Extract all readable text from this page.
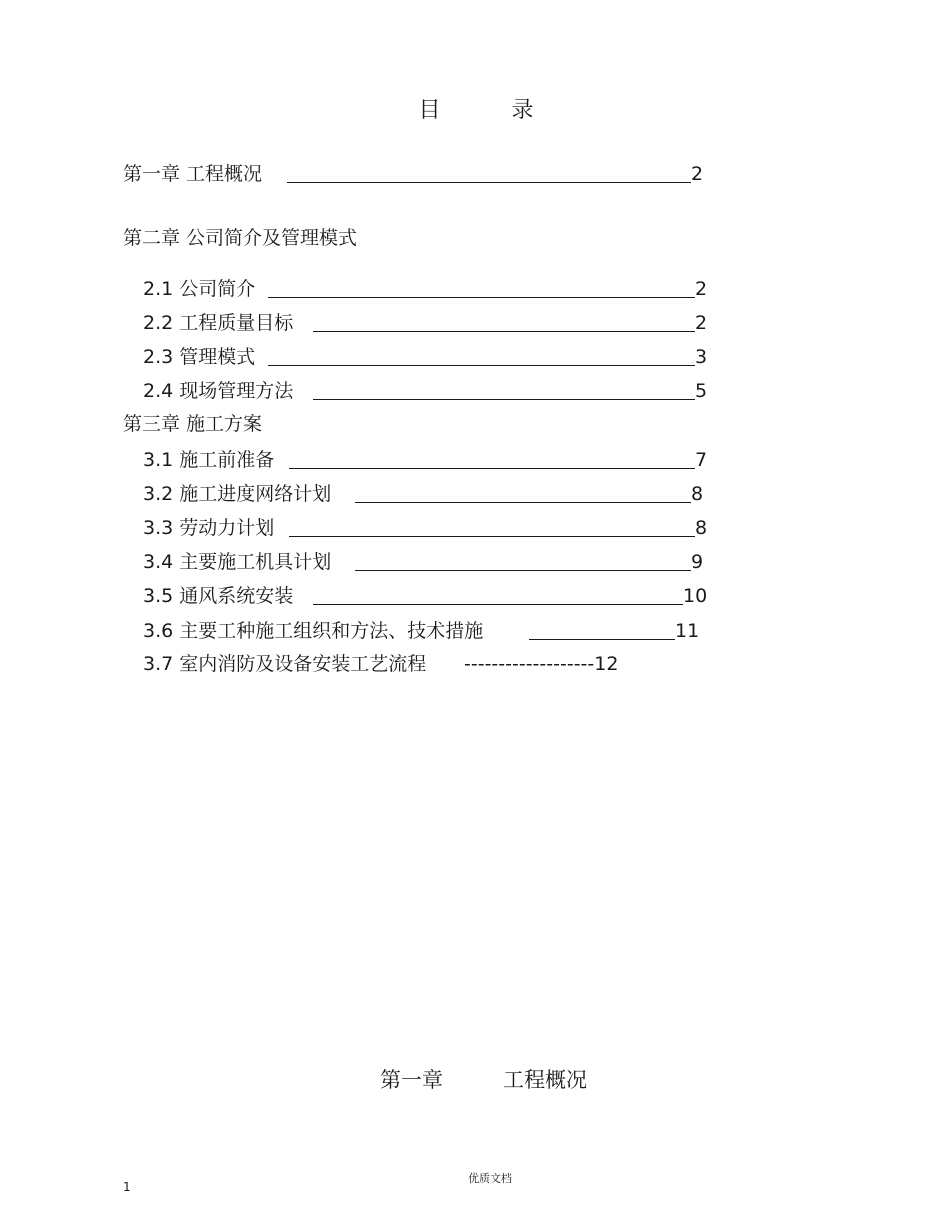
目 录
第一章 工程概况	2
第二章 公司简介及管理模式
2.1 公司简介	2
2.2 工程质量目标	2
2.3 管理模式	3
2.4 现场管理方法	5
第三章 施工方案
3.1 施工前准备	7
3.2 施工进度网络计划	8
3.3 劳动力计划	8
3.4 主要施工机具计划	9
3.5 通风系统安装	10
3.6 主要工种施工组织和方法、技术措施	11
3.7 室内消防及设备安装工艺流程 -------------------12
第一章	工程概况
优质文档
1
